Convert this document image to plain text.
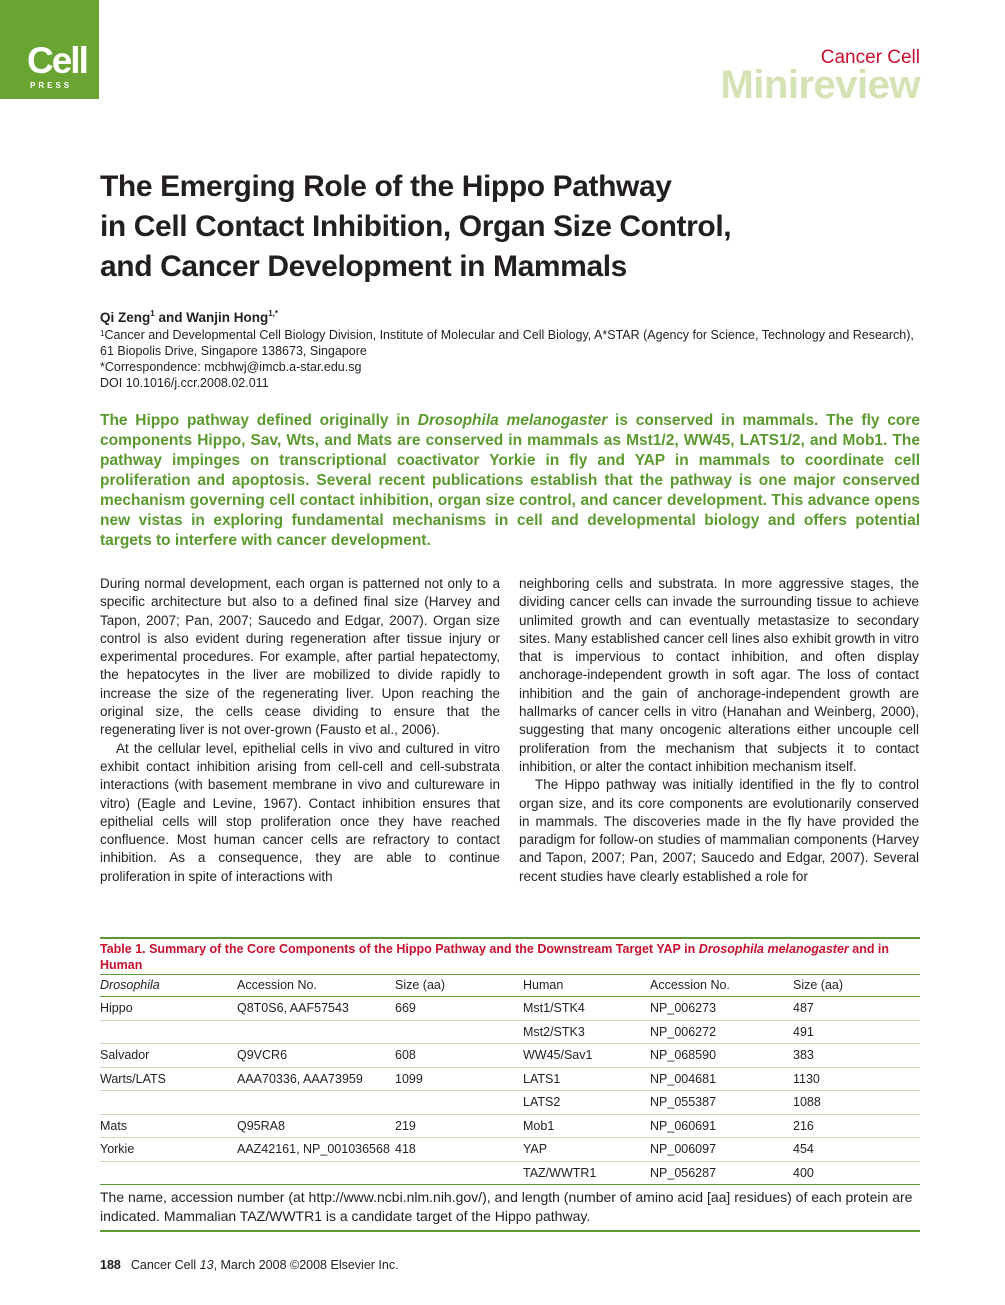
Cell
PRESS
Cancer Cell
Minireview
The Emerging Role of the Hippo Pathway
in Cell Contact Inhibition, Organ Size Control,
and Cancer Development in Mammals
Qi Zeng$^1$ and Wanjin Hong$^{1,*}$
$^1$Cancer and Developmental Cell Biology Division, Institute of Molecular and Cell Biology, A*STAR (Agency for Science, Technology and Research), 61 Biopolis Drive, Singapore 138673, Singapore
*Correspondence: mcbhwj@imcb.a-star.edu.sg
DOI 10.1016/j.ccr.2008.02.011
The Hippo pathway defined originally in Drosophila melanogaster is conserved in mammals. The fly core components Hippo, Sav, Wts, and Mats are conserved in mammals as Mst1/2, WW45, LATS1/2, and Mob1. The pathway impinges on transcriptional coactivator Yorkie in fly and YAP in mammals to coordinate cell proliferation and apoptosis. Several recent publications establish that the pathway is one major conserved mechanism governing cell contact inhibition, organ size control, and cancer development. This advance opens new vistas in exploring fundamental mechanisms in cell and developmental biology and offers potential targets to interfere with cancer development.

During normal development, each organ is patterned not only to a specific architecture but also to a defined final size (Harvey and Tapon, 2007; Pan, 2007; Saucedo and Edgar, 2007). Organ size control is also evident during regeneration after tissue injury or experimental procedures. For example, after partial hepatectomy, the hepatocytes in the liver are mobilized to divide rapidly to increase the size of the regenerating liver. Upon reaching the original size, the cells cease dividing to ensure that the regenerating liver is not over-grown (Fausto et al., 2006).

At the cellular level, epithelial cells in vivo and cultured in vitro exhibit contact inhibition arising from cell-cell and cell-substrata interactions (with basement membrane in vivo and cultureware in vitro) (Eagle and Levine, 1967). Contact inhibition ensures that epithelial cells will stop proliferation once they have reached confluence. Most human cancer cells are refractory to contact inhibition. As a consequence, they are able to continue proliferation in spite of interactions with

neighboring cells and substrata. In more aggressive stages, the dividing cancer cells can invade the surrounding tissue to achieve unlimited growth and can eventually metastasize to secondary sites. Many established cancer cell lines also exhibit growth in vitro that is impervious to contact inhibition, and often display anchorage-independent growth in soft agar. The loss of contact inhibition and the gain of anchorage-independent growth are hallmarks of cancer cells in vitro (Hanahan and Weinberg, 2000), suggesting that many oncogenic alterations either uncouple cell proliferation from the mechanism that subjects it to contact inhibition, or alter the contact inhibition mechanism itself.

The Hippo pathway was initially identified in the fly to control organ size, and its core components are evolutionarily conserved in mammals. The discoveries made in the fly have provided the paradigm for follow-on studies of mammalian components (Harvey and Tapon, 2007; Pan, 2007; Saucedo and Edgar, 2007). Several recent studies have clearly established a role for

Table 1. Summary of the Core Components of the Hippo Pathway and the Downstream Target YAP in Drosophila melanogaster and in Human
Drosophila	Accession No.	Size (aa)	Human	Accession No.	Size (aa)
Hippo	Q8T0S6, AAF57543	669	Mst1/STK4	NP_006273	487
			Mst2/STK3	NP_006272	491
Salvador	Q9VCR6	608	WW45/Sav1	NP_068590	383
Warts/LATS	AAA70336, AAA73959	1099	LATS1	NP_004681	1130
			LATS2	NP_055387	1088
Mats	Q95RA8	219	Mob1	NP_060691	216
Yorkie	AAZ42161, NP_001036568	418	YAP	NP_006097	454
			TAZ/WWTR1	NP_056287	400
The name, accession number (at http://www.ncbi.nlm.nih.gov/), and length (number of amino acid [aa] residues) of each protein are indicated. Mammalian TAZ/WWTR1 is a candidate target of the Hippo pathway.
188 Cancer Cell 13, March 2008 ©2008 Elsevier Inc.
